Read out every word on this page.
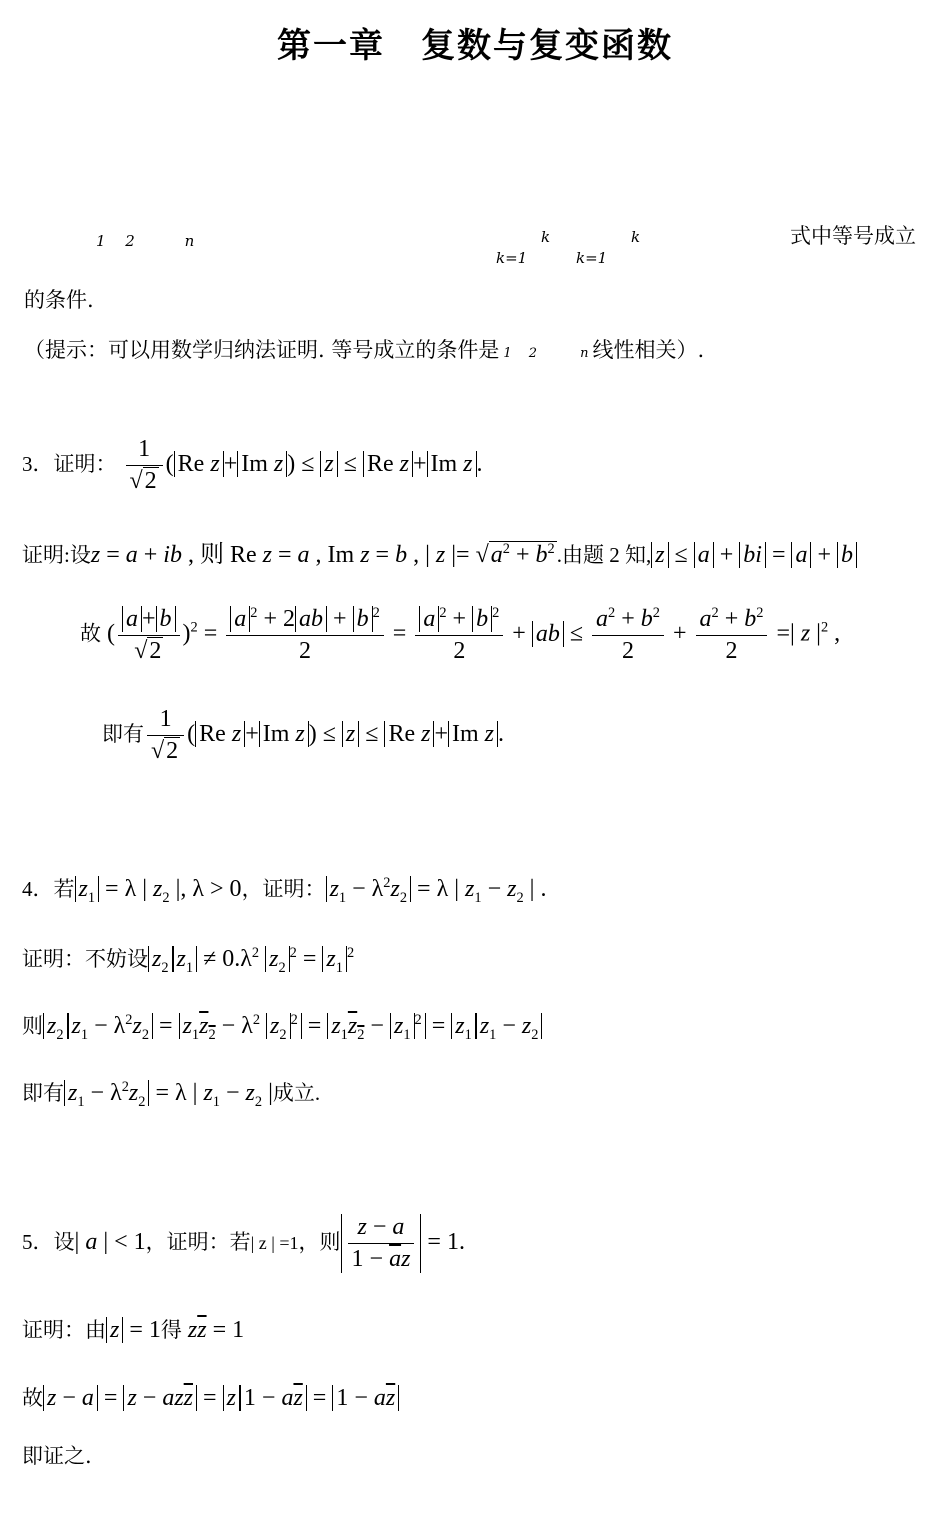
第一章　复数与复变函数
1　 2　　　 n	k	k
k=1	k=1
式中等号成立
的条件.
（提示：可以用数学归纳法证明. 等号成立的条件是 1　 2　　　 n 线性相关）.
3．证明： $\frac{1}{√2}$ ( Re z + Im z ) ≤ z ≤ Re z + Im z .
证明:设z = a + ib , 则 Re z = a , Im z = b , | z |= $√a^2 + b^2$.由题 2 知, z ≤ a + bi = a + b
故 ( $\frac{a + b}{√2} )^2 = \frac{a ^2 + 2 ab + b ^2}{2} = \frac{a ^2 + b ^2}{2}$ + ab ≤ $\frac{a^2 + b^2}{2} + \frac{a^2 + b^2}{2}$ =| z $|^2$ ,
即有 $\frac{1}{√2}$ ( Re z + Im z ) ≤ z ≤ Re z + Im z .
4．若 $z_1 = \lambda$ | $z_2$ |, λ > 0，证明： $z_1 - \lambda^2z_2 = \lambda$ | $z_1 - z_2$ | .
证明：不妨设 $z_2$ $z_1 \ne 0.\lambda^2$ $z_2^2 = z_1^2$
则 $z_2$ $z_1 - \lambda^2z_2 = z_1z_2 - \lambda^2$ $z_2^2 = z_1z_2 - z_1^2 = z_1$ $z_1 - z_2$
即有 $z_1 - \lambda^2z_2 = \lambda$ | $z_1 - z_2$ |成立.
5．设| a | < 1，证明：若| z | =1，则 $\frac{z - a}{1 - \overline{a}z} = 1$.
证明：由 z = 1得 $z\overline{z} = 1$
故 $z - a = z - az\overline{z} = z$ $1 - a\overline{z} = 1 - a\overline{z}$
即证之.
